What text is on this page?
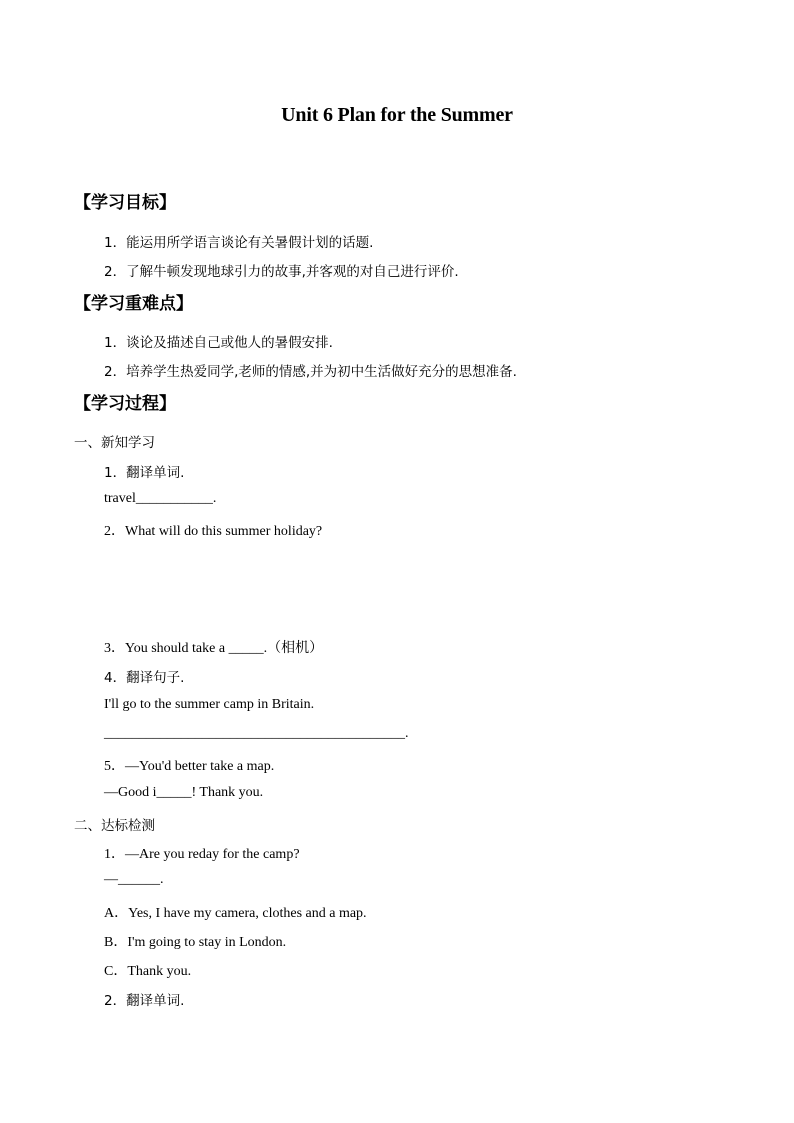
Unit 6 Plan for the Summer
【学习目标】
1．能运用所学语言谈论有关暑假计划的话题.
2．了解牛顿发现地球引力的故事,并客观的对自己进行评价.
【学习重难点】
1．谈论及描述自己或他人的暑假安排.
2．培养学生热爱同学,老师的情感,并为初中生活做好充分的思想准备.
【学习过程】
一、新知学习
1．翻译单词.
travel___________.
2．What will do this summer holiday?
3．You should take a _____.（相机）
4．翻译句子.
I'll go to the summer camp in Britain.
___________________________________________.
5．—You'd better take a map.
—Good i_____! Thank you.
二、达标检测
1．—Are you reday for the camp?
—______.
A．Yes, I have my camera, clothes and a map.
B．I'm going to stay in London.
C．Thank you.
2．翻译单词.
